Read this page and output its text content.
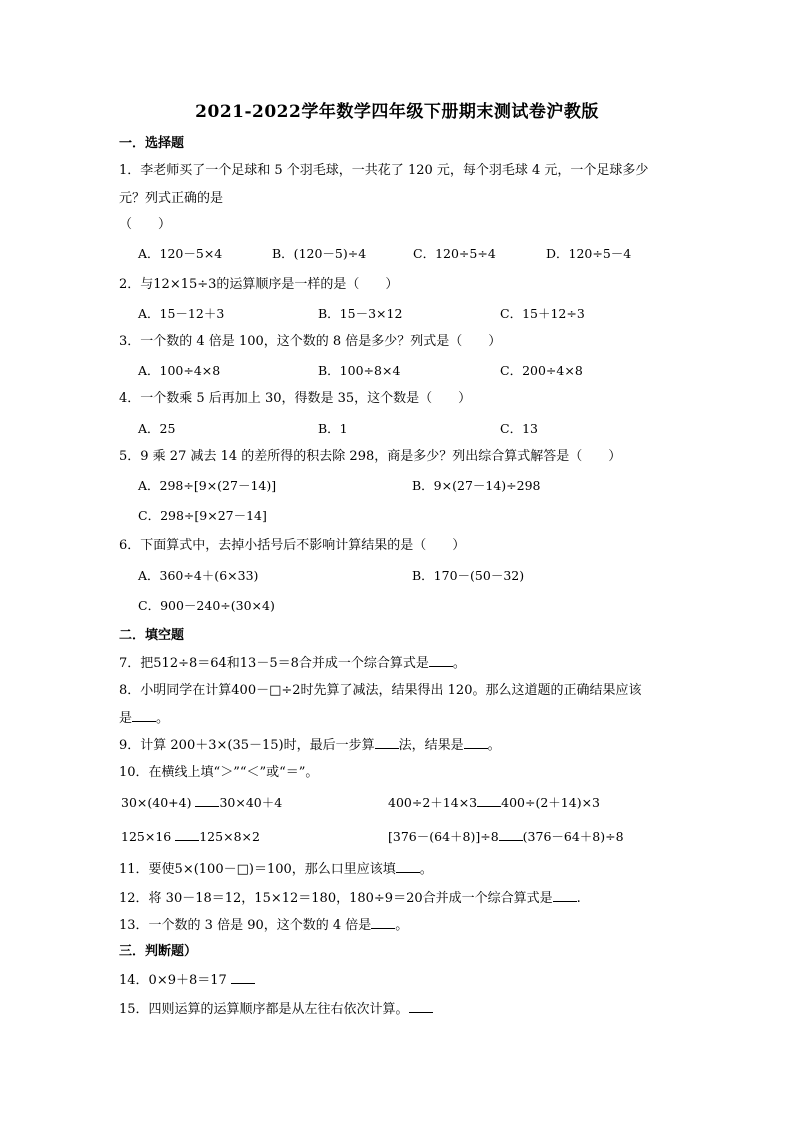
2021-2022学年数学四年级下册期末测试卷沪教版
一．选择题
1．李老师买了一个足球和 5 个羽毛球，一共花了 120 元，每个羽毛球 4 元，一个足球多少
元？列式正确的是
（　　）
A．120－5×4	B．(120－5)÷4	C．120÷5÷4	D．120÷5－4
2．与12×15÷3的运算顺序是一样的是（　　）
A．15－12＋3	B．15－3×12	C．15＋12÷3
3．一个数的 4 倍是 100，这个数的 8 倍是多少？列式是（　　）
A．100÷4×8	B．100÷8×4	C．200÷4×8
4．一个数乘 5 后再加上 30，得数是 35，这个数是（　　）
A．25	B．1	C．13
5．9 乘 27 减去 14 的差所得的积去除 298，商是多少？列出综合算式解答是（　　）
A．298÷[9×(27－14)]	B．9×(27－14)÷298
C．298÷[9×27－14]
6．下面算式中，去掉小括号后不影响计算结果的是（　　）
A．360÷4＋(6×33)	B．170－(50－32)
C．900－240÷(30×4)
二．填空题
7．把512÷8＝64和13－5＝8合并成一个综合算式是 。
8．小明同学在计算400－□÷2时先算了减法，结果得出 120。那么这道题的正确结果应该
是 。
9．计算 200＋3×(35－15)时，最后一步算 法，结果是 。
10．在横线上填“＞”“＜”或“＝”。
30×(40+4) 30×40＋4	400÷2＋14×3 400÷(2＋14)×3
125×16 125×8×2	[376－(64＋8)]÷8 (376－64＋8)÷8
11．要使5×(100－□)＝100，那么口里应该填 。
12．将 30－18＝12，15×12＝180，180÷9＝20合并成一个综合算式是 .
13．一个数的 3 倍是 90，这个数的 4 倍是 。
三．判断题）
14．0×9＋8＝17
15．四则运算的运算顺序都是从左往右依次计算。
